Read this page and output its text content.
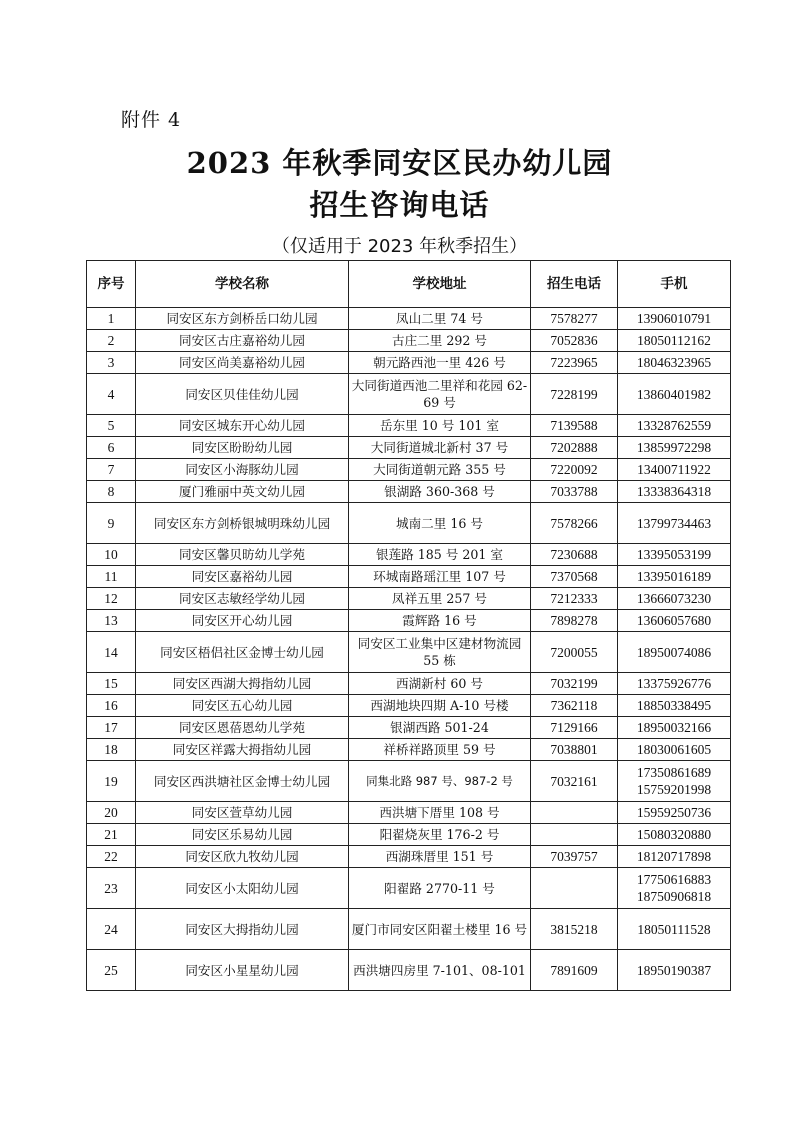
附件 4
2023 年秋季同安区民办幼儿园
招生咨询电话
（仅适用于 2023 年秋季招生）
序号	学校名称	学校地址	招生电话	手机
1	同安区东方剑桥岳口幼儿园	凤山二里 74 号	7578277	13906010791
2	同安区古庄嘉裕幼儿园	古庄二里 292 号	7052836	18050112162
3	同安区尚美嘉裕幼儿园	朝元路西池一里 426 号	7223965	18046323965
4	同安区贝佳佳幼儿园	大同街道西池二里祥和花园 62-69 号	7228199	13860401982
5	同安区城东开心幼儿园	岳东里 10 号 101 室	7139588	13328762559
6	同安区盼盼幼儿园	大同街道城北新村 37 号	7202888	13859972298
7	同安区小海豚幼儿园	大同街道朝元路 355 号	7220092	13400711922
8	厦门雅丽中英文幼儿园	银湖路 360-368 号	7033788	13338364318
9	同安区东方剑桥银城明珠幼儿园	城南二里 16 号	7578266	13799734463
10	同安区馨贝昉幼儿学苑	银莲路 185 号 201 室	7230688	13395053199
11	同安区嘉裕幼儿园	环城南路瑶江里 107 号	7370568	13395016189
12	同安区志敏经学幼儿园	凤祥五里 257 号	7212333	13666073230
13	同安区开心幼儿园	霞辉路 16 号	7898278	13606057680
14	同安区梧侣社区金博士幼儿园	同安区工业集中区建材物流园 55 栋	7200055	18950074086
15	同安区西湖大拇指幼儿园	西湖新村 60 号	7032199	13375926776
16	同安区五心幼儿园	西湖地块四期 A-10 号楼	7362118	18850338495
17	同安区恩蓓恩幼儿学苑	银湖西路 501-24	7129166	18950032166
18	同安区祥露大拇指幼儿园	祥桥祥路顶里 59 号	7038801	18030061605
19	同安区西洪塘社区金博士幼儿园	同集北路 987 号、987-2 号	7032161	17350861689
15759201998
20	同安区萱草幼儿园	西洪塘下厝里 108 号		15959250736
21	同安区乐易幼儿园	阳翟烧灰里 176-2 号		15080320880
22	同安区欣九牧幼儿园	西湖珠厝里 151 号	7039757	18120717898
23	同安区小太阳幼儿园	阳翟路 2770-11 号		17750616883
18750906818
24	同安区大拇指幼儿园	厦门市同安区阳翟土楼里 16 号	3815218	18050111528
25	同安区小星星幼儿园	西洪塘四房里 7-101、08-101	7891609	18950190387
